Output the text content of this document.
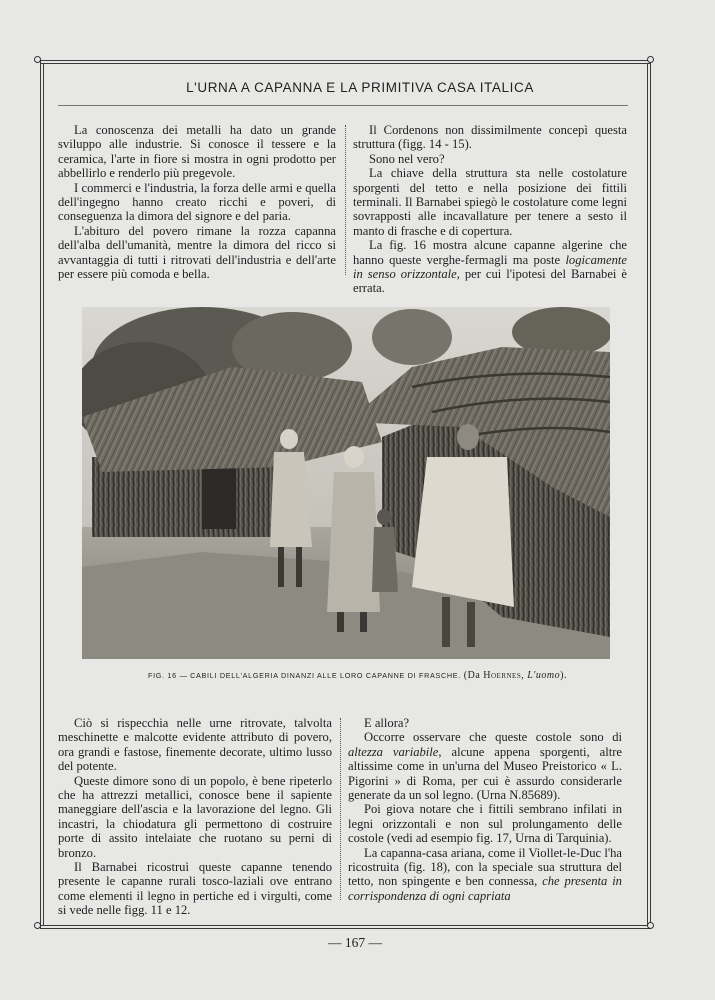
L'URNA A CAPANNA E LA PRIMITIVA CASA ITALICA

La conoscenza dei metalli ha dato un grande sviluppo alle industrie. Si conosce il tessere e la ceramica, l'arte in fiore si mostra in ogni prodotto per abbellirlo e renderlo più pregevole.

I commerci e l'industria, la forza delle armi e quella dell'ingegno hanno creato ricchi e poveri, di conseguenza la dimora del signore e del paria.

L'abituro del povero rimane la rozza capanna dell'alba dell'umanità, mentre la dimora del ricco si avvantaggia di tutti i ritrovati dell'industria e dell'arte per essere più comoda e bella.

Il Cordenons non dissimilmente concepì questa struttura (figg. 14 - 15).

Sono nel vero?

La chiave della struttura sta nelle costolature sporgenti del tetto e nella posizione dei fittili terminali. Il Barnabei spiegò le costolature come legni sovrapposti alle incavallature per tenere a sesto il manto di frasche e di copertura.

La fig. 16 mostra alcune capanne algerine che hanno queste verghe-fermagli ma poste logicamente in senso orizzontale, per cui l'ipotesi del Barnabei è errata.

FIG. 16 — CABILI DELL'ALGERIA DINANZI ALLE LORO CAPANNE DI FRASCHE. (Da Hoernes, L'uomo).

Ciò si rispecchia nelle urne ritrovate, talvolta meschinette e malcotte evidente attributo di povero, ora grandi e fastose, finemente decorate, ultimo lusso del potente.

Queste dimore sono di un popolo, è bene ripeterlo che ha attrezzi metallici, conosce bene il sapiente maneggiare dell'ascia e la lavorazione del legno. Gli incastri, la chiodatura gli permettono di costruire porte di assito intelaiate che ruotano su perni di bronzo.

Il Barnabei ricostruì queste capanne tenendo presente le capanne rurali tosco-laziali ove entrano come elementi il legno in pertiche ed i virgulti, come si vede nelle figg. 11 e 12.

E allora?

Occorre osservare che queste costole sono di altezza variabile, alcune appena sporgenti, altre altissime come in un'urna del Museo Preistorico « L. Pigorini » di Roma, per cui è assurdo considerarle generate da un sol legno. (Urna N.85689).

Poi giova notare che i fittili sembrano infilati in legni orizzontali e non sul prolungamento delle costole (vedi ad esempio fig. 17, Urna di Tarquinia).

La capanna-casa ariana, come il Viollet-le-Duc l'ha ricostruita (fig. 18), con la speciale sua struttura del tetto, non spingente e ben connessa, che presenta in corrispondenza di ogni capriata

— 167 —
